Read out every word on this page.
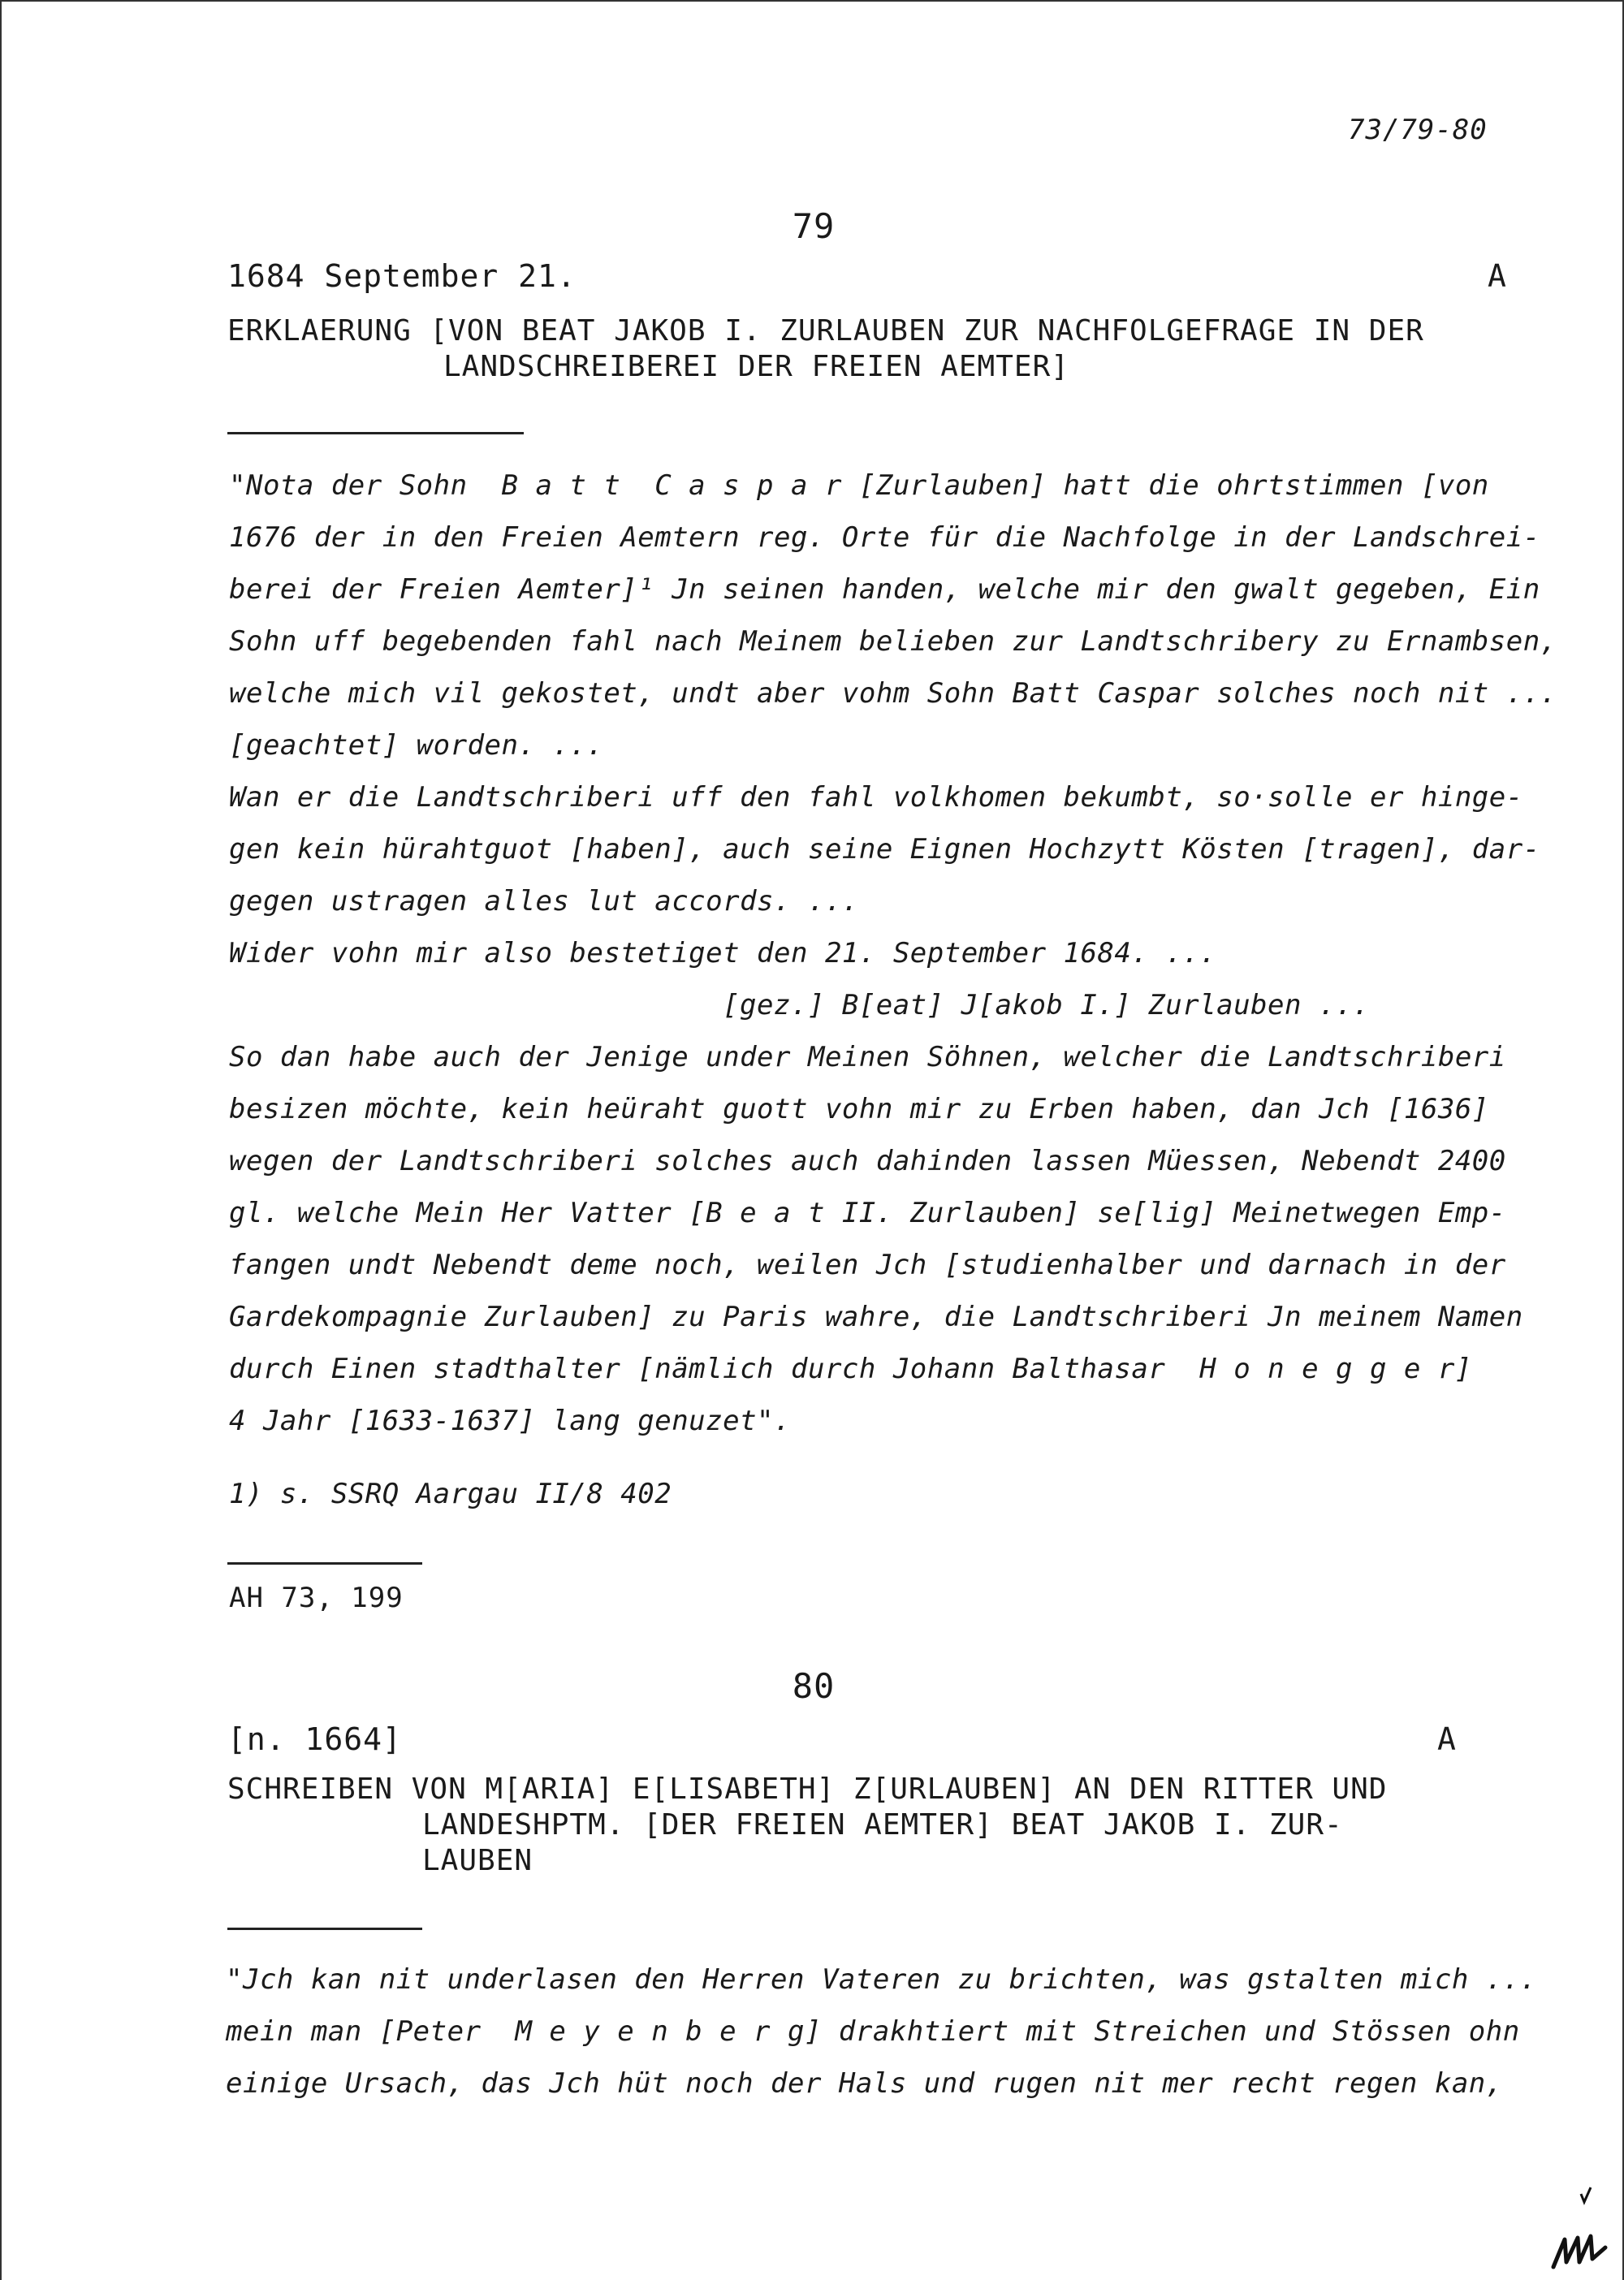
73/79-80
79
1684 September 21.	A
ERKLAERUNG [VON BEAT JAKOB I. ZURLAUBEN ZUR NACHFOLGEFRAGE IN DER
LANDSCHREIBEREI DER FREIEN AEMTER]
"Nota der Sohn  B a t t  C a s p a r [Zurlauben] hatt die ohrtstimmen [von
1676 der in den Freien Aemtern reg. Orte für die Nachfolge in der Landschrei-
berei der Freien Aemter]¹ Jn seinen handen, welche mir den gwalt gegeben, Ein
Sohn uff begebenden fahl nach Meinem belieben zur Landtschribery zu Ernambsen,
welche mich vil gekostet, undt aber vohm Sohn Batt Caspar solches noch nit ...
[geachtet] worden. ...
Wan er die Landtschriberi uff den fahl volkhomen bekumbt, so·solle er hinge-
gen kein hürahtguot [haben], auch seine Eignen Hochzytt Kösten [tragen], dar-
gegen ustragen alles lut accords. ...
Wider vohn mir also bestetiget den 21. September 1684. ...
[gez.] B[eat] J[akob I.] Zurlauben ...
So dan habe auch der Jenige under Meinen Söhnen, welcher die Landtschriberi
besizen möchte, kein heüraht guott vohn mir zu Erben haben, dan Jch [1636]
wegen der Landtschriberi solches auch dahinden lassen Müessen, Nebendt 2400
gl. welche Mein Her Vatter [B e a t II. Zurlauben] se[lig] Meinetwegen Emp-
fangen undt Nebendt deme noch, weilen Jch [studienhalber und darnach in der
Gardekompagnie Zurlauben] zu Paris wahre, die Landtschriberi Jn meinem Namen
durch Einen stadthalter [nämlich durch Johann Balthasar  H o n e g g e r]
4 Jahr [1633-1637] lang genuzet".
1) s. SSRQ Aargau II/8 402
AH 73, 199
80
[n. 1664]	A
SCHREIBEN VON M[ARIA] E[LISABETH] Z[URLAUBEN] AN DEN RITTER UND
LANDESHPTM. [DER FREIEN AEMTER] BEAT JAKOB I. ZUR-
LAUBEN
"Jch kan nit underlasen den Herren Vateren zu brichten, was gstalten mich ...
mein man [Peter  M e y e n b e r g] drakhtiert mit Streichen und Stössen ohn
einige Ursach, das Jch hüt noch der Hals und rugen nit mer recht regen kan,
